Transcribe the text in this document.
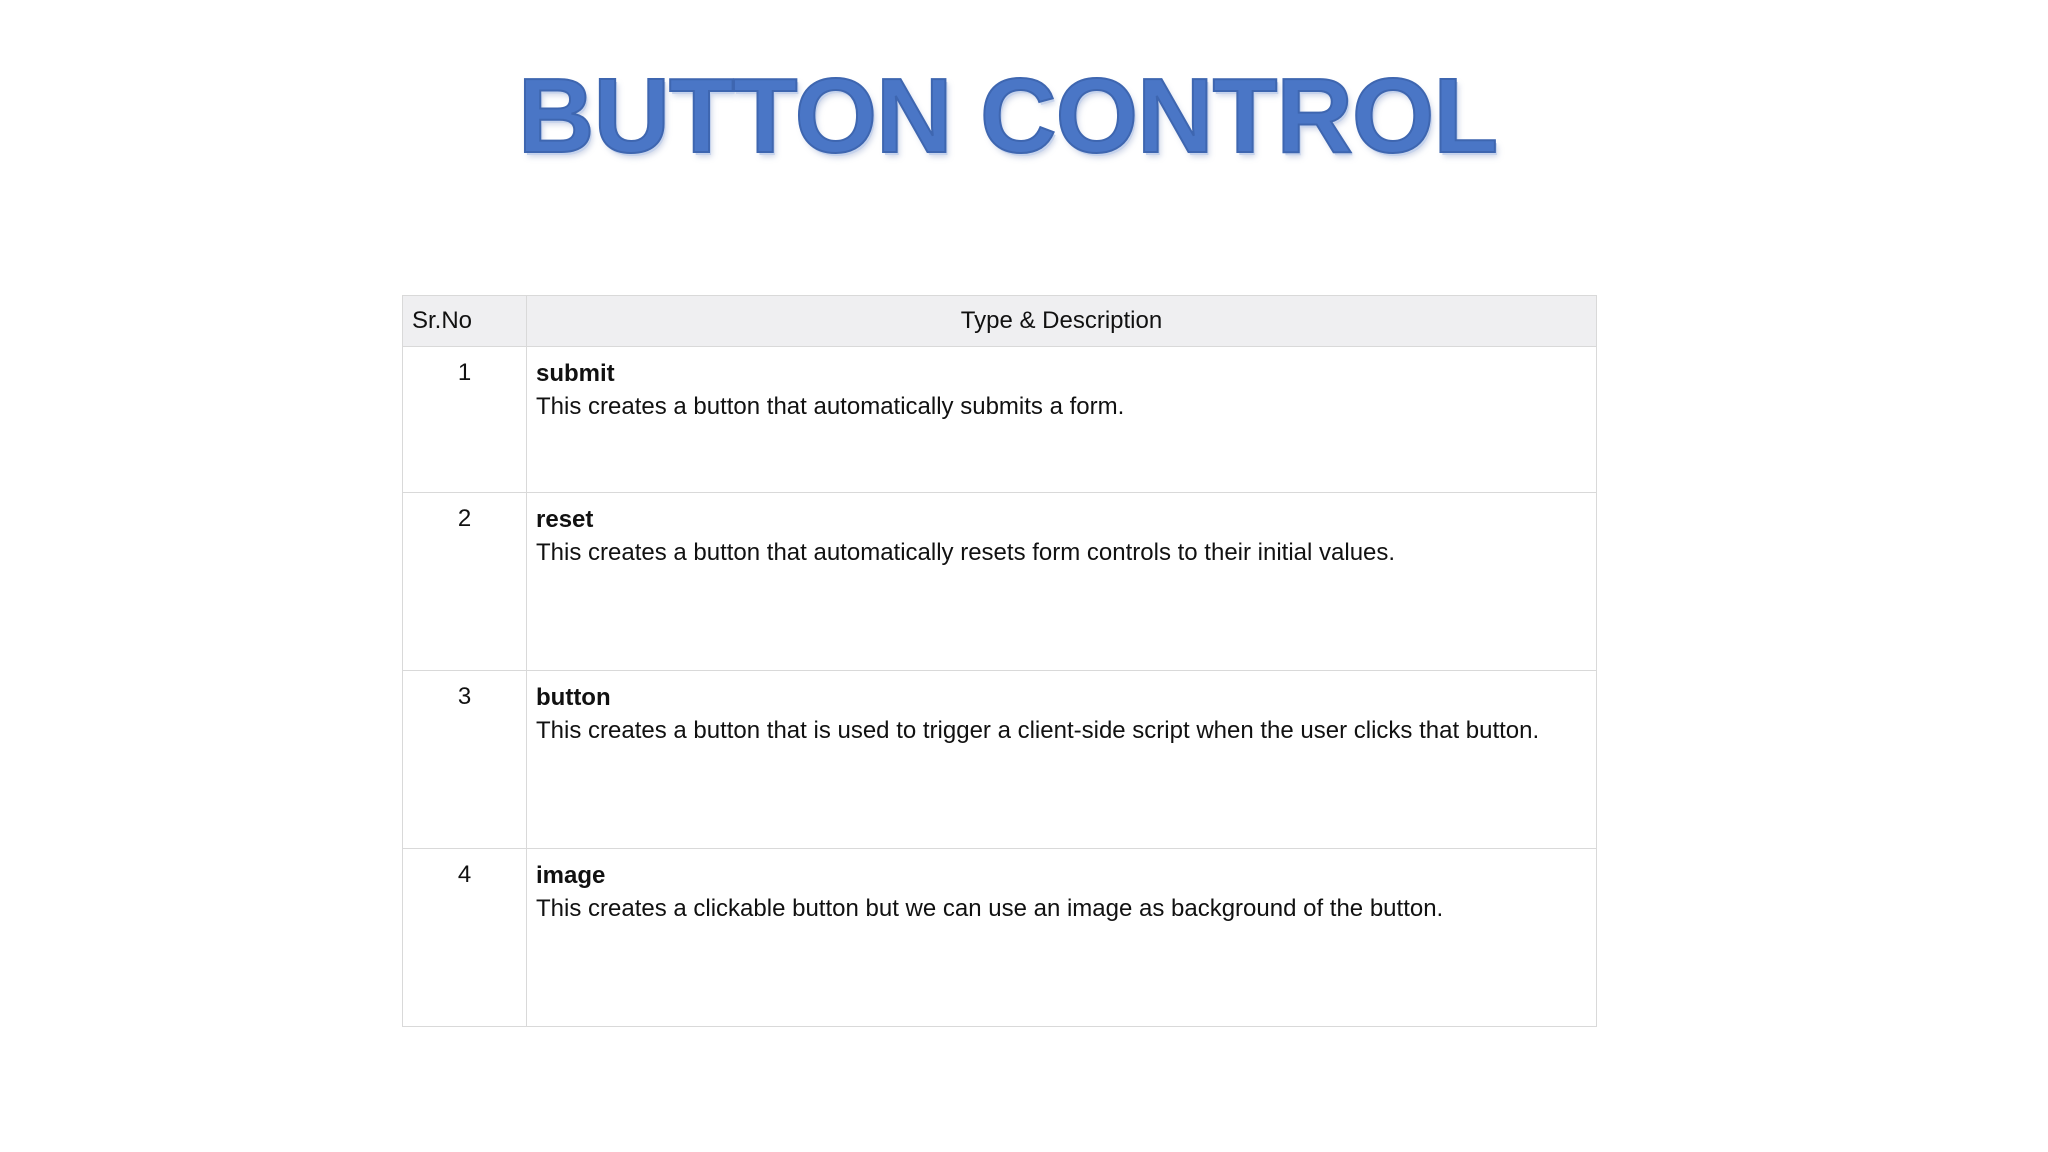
BUTTON CONTROL
Sr.No	Type & Description
1	submit
This creates a button that automatically submits a form.

2	reset
This creates a button that automatically resets form controls to their initial values.

3	button
This creates a button that is used to trigger a client-side script when the user clicks that button.

4	image
This creates a clickable button but we can use an image as background of the button.
